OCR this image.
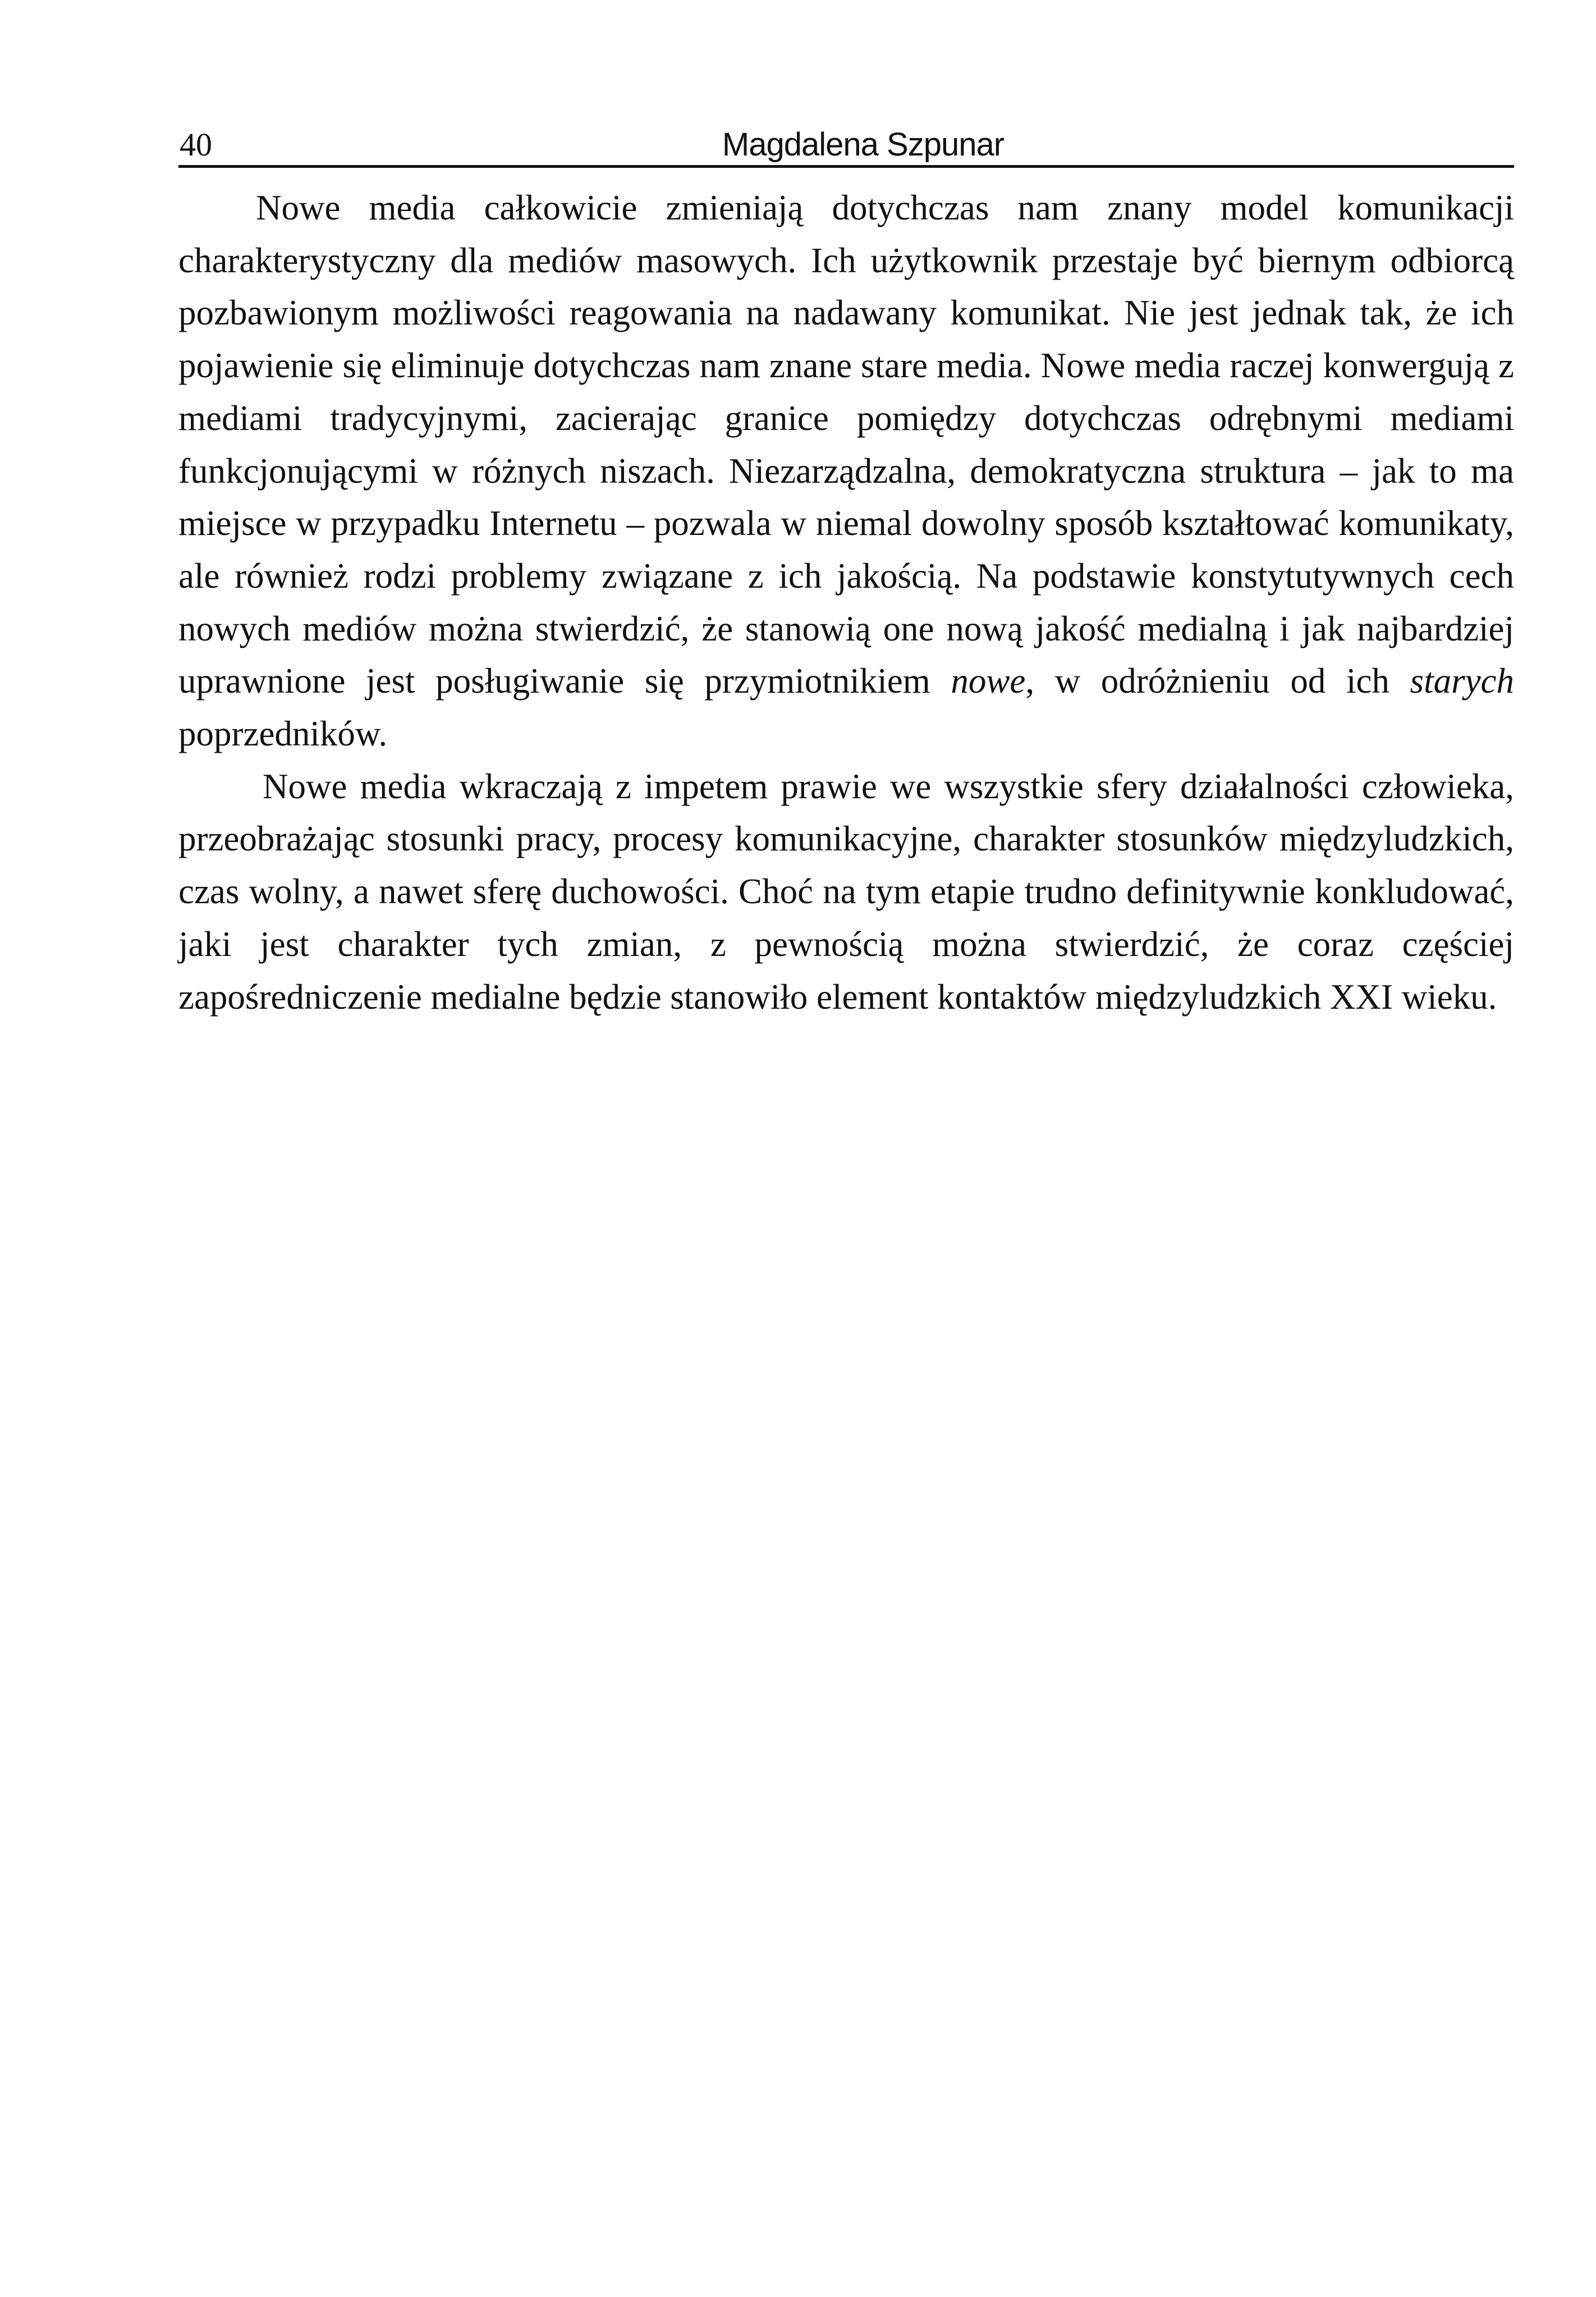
40	Magdalena Szpunar

Nowe media całkowicie zmieniają dotychczas nam znany model komunikacji charakterystyczny dla mediów masowych. Ich użytkownik przestaje być biernym odbiorcą pozbawionym możliwości reagowania na nadawany komunikat. Nie jest jednak tak, że ich pojawienie się eliminuje dotychczas nam znane stare media. Nowe media raczej konwergują z mediami tradycyjnymi, zacierając granice pomiędzy dotychczas odrębnymi mediami funkcjonującymi w różnych niszach. Niezarządzalna, demokratyczna struktura – jak to ma miejsce w przypadku Internetu – pozwala w niemal dowolny sposób kształtować komunikaty, ale również rodzi problemy związane z ich jakością. Na podstawie konstytutywnych cech nowych mediów można stwierdzić, że stanowią one nową jakość medialną i jak najbardziej uprawnione jest posługiwanie się przymiotnikiem nowe, w odróżnieniu od ich starych poprzedników.

Nowe media wkraczają z impetem prawie we wszystkie sfery działalności człowieka, przeobrażając stosunki pracy, procesy komunikacyjne, charakter stosunków międzyludzkich, czas wolny, a nawet sferę duchowości. Choć na tym etapie trudno definitywnie konkludować, jaki jest charakter tych zmian, z pewnością można stwierdzić, że coraz częściej zapośredniczenie medialne będzie stanowiło element kontaktów międzyludzkich XXI wieku.
